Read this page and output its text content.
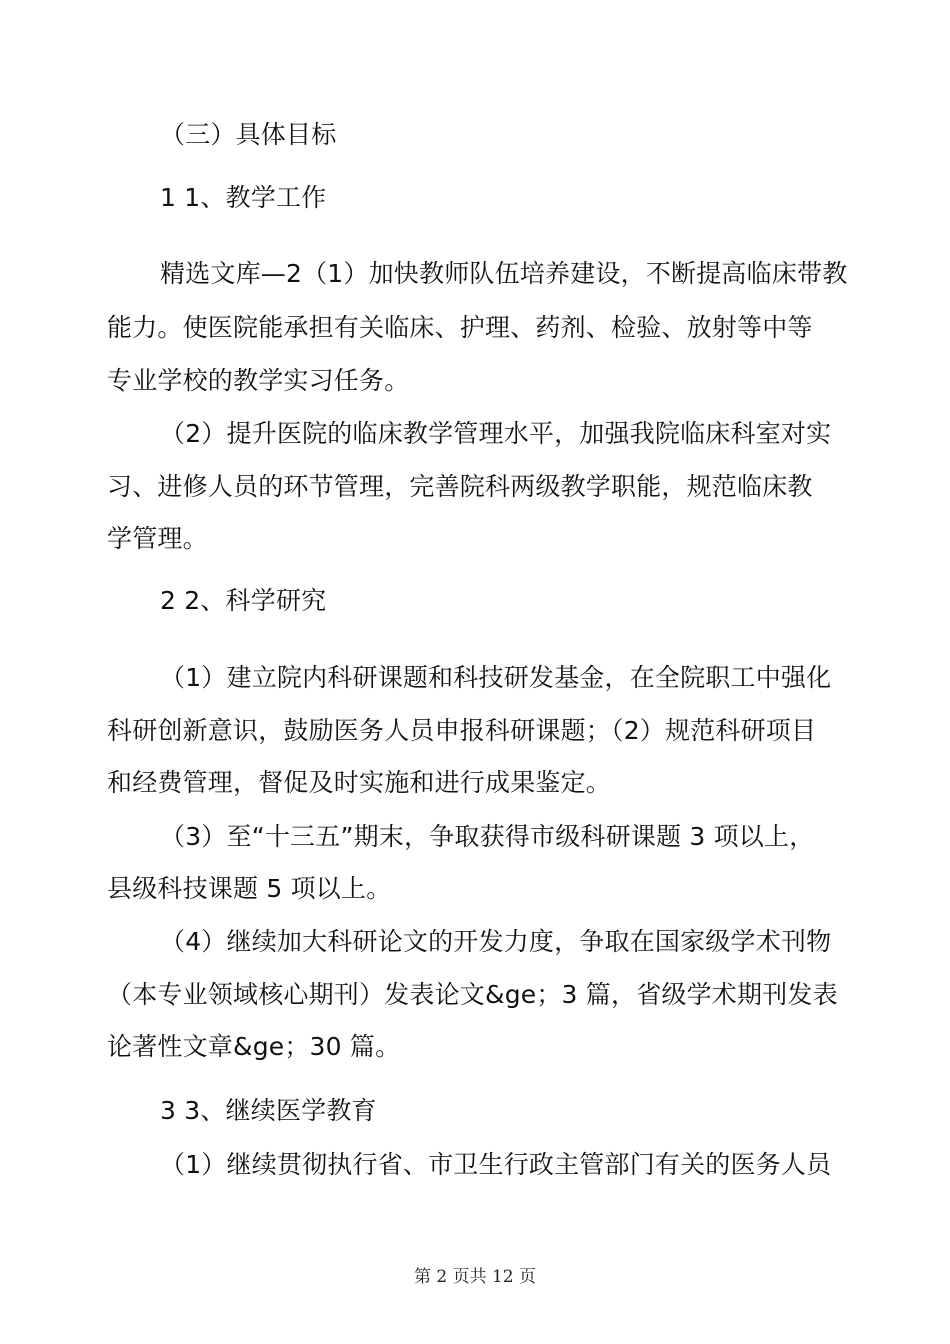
（三）具体目标
1 1、教学工作
精选文库—2（1）加快教师队伍培养建设，不断提高临床带教
能力。使医院能承担有关临床、护理、药剂、检验、放射等中等
专业学校的教学实习任务。
（2）提升医院的临床教学管理水平，加强我院临床科室对实
习、进修人员的环节管理，完善院科两级教学职能，规范临床教
学管理。
2 2、科学研究
（1）建立院内科研课题和科技研发基金，在全院职工中强化
科研创新意识，鼓励医务人员申报科研课题；（2）规范科研项目
和经费管理，督促及时实施和进行成果鉴定。
（3）至“十三五”期末，争取获得市级科研课题 3 项以上，
县级科技课题 5 项以上。
（4）继续加大科研论文的开发力度，争取在国家级学术刊物
（本专业领域核心期刊）发表论文&ge；3 篇，省级学术期刊发表
论著性文章&ge；30 篇。
3 3、继续医学教育
（1）继续贯彻执行省、市卫生行政主管部门有关的医务人员
第 2 页共 12 页
